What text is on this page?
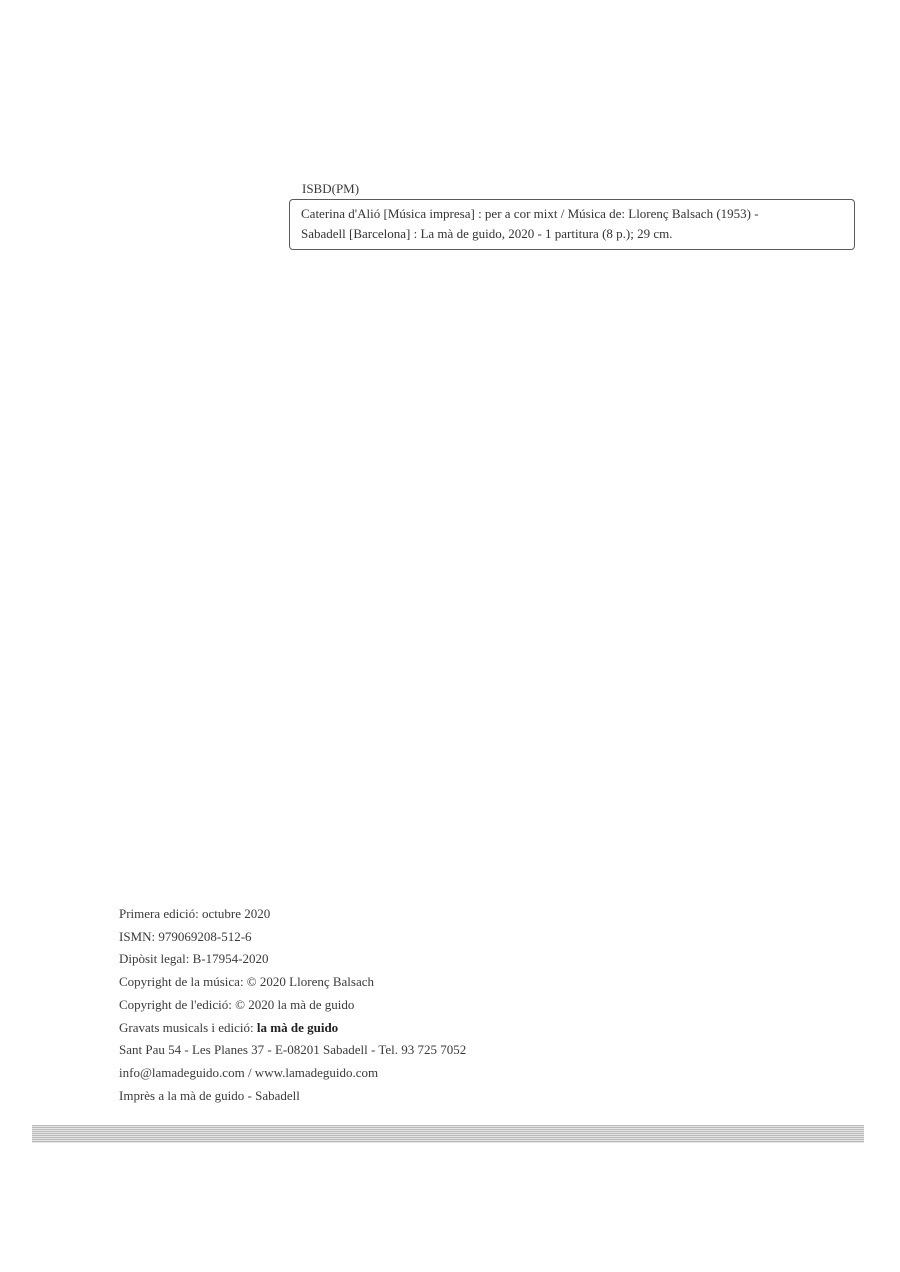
ISBD(PM)
Caterina d'Alió [Música impresa] : per a cor mixt / Música de: Llorenç Balsach (1953) -
Sabadell [Barcelona] : La mà de guido, 2020 - 1 partitura (8 p.); 29 cm.
Primera edició: octubre 2020
ISMN: 979069208-512-6
Dipòsit legal: B-17954-2020
Copyright de la música: © 2020 Llorenç Balsach
Copyright de l'edició: © 2020 la mà de guido
Gravats musicals i edició: la mà de guido
Sant Pau 54 - Les Planes 37 - E-08201 Sabadell - Tel. 93 725 7052
info@lamadeguido.com / www.lamadeguido.com
Imprès a la mà de guido - Sabadell
